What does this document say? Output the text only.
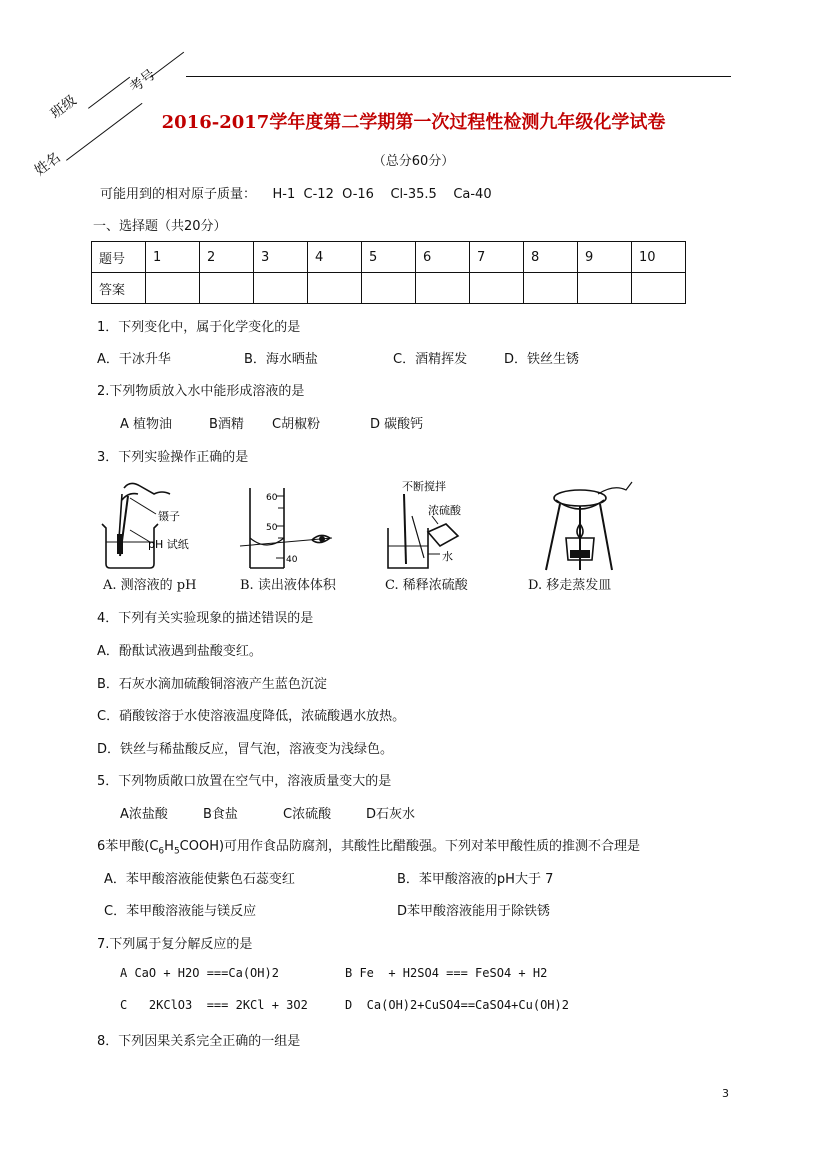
班级
考号
姓名
2016-2017学年度第二学期第一次过程性检测九年级化学试卷
（总分60分）
可能用到的相对原子质量：    H-1  C-12  O-16    Cl-35.5    Ca-40
一、选择题（共20分）
题号	1	2	3	4	5	6	7	8	9	10
答案										
1．下列变化中，属于化学变化的是
A．干冰升华	B．海水晒盐	C．酒精挥发	D．铁丝生锈
2.下列物质放入水中能形成溶液的是
A 植物油	B酒精 C胡椒粉	D 碳酸钙
3．下列实验操作正确的是
镊子
pH 试纸
A. 测溶液的 pH
60
50
40
B. 读出液体体积
不断搅拌
浓硫酸
水
C. 稀释浓硫酸	D. 移走蒸发皿
4．下列有关实验现象的描述错误的是
A．酚酞试液遇到盐酸变红。
B．石灰水滴加硫酸铜溶液产生蓝色沉淀
C．硝酸铵溶于水使溶液温度降低，浓硫酸遇水放热。
D．铁丝与稀盐酸反应，冒气泡，溶液变为浅绿色。
5．下列物质敞口放置在空气中，溶液质量变大的是
A浓盐酸	B食盐	C浓硫酸	D石灰水
6苯甲酸$(C_6H_5COOH)$可用作食品防腐剂，其酸性比醋酸强。下列对苯甲酸性质的推测不合理是
A．苯甲酸溶液能使紫色石蕊变红	B．苯甲酸溶液的pH大于 7
C．苯甲酸溶液能与镁反应	D苯甲酸溶液能用于除铁锈
7.下列属于复分解反应的是
A CaO + H2O ===Ca(OH)2	B Fe  + H2SO4 === FeSO4 + H2
C   2KClO3  === 2KCl + 3O2	D  Ca(OH)2+CuSO4==CaSO4+Cu(OH)2
8．下列因果关系完全正确的一组是
3
